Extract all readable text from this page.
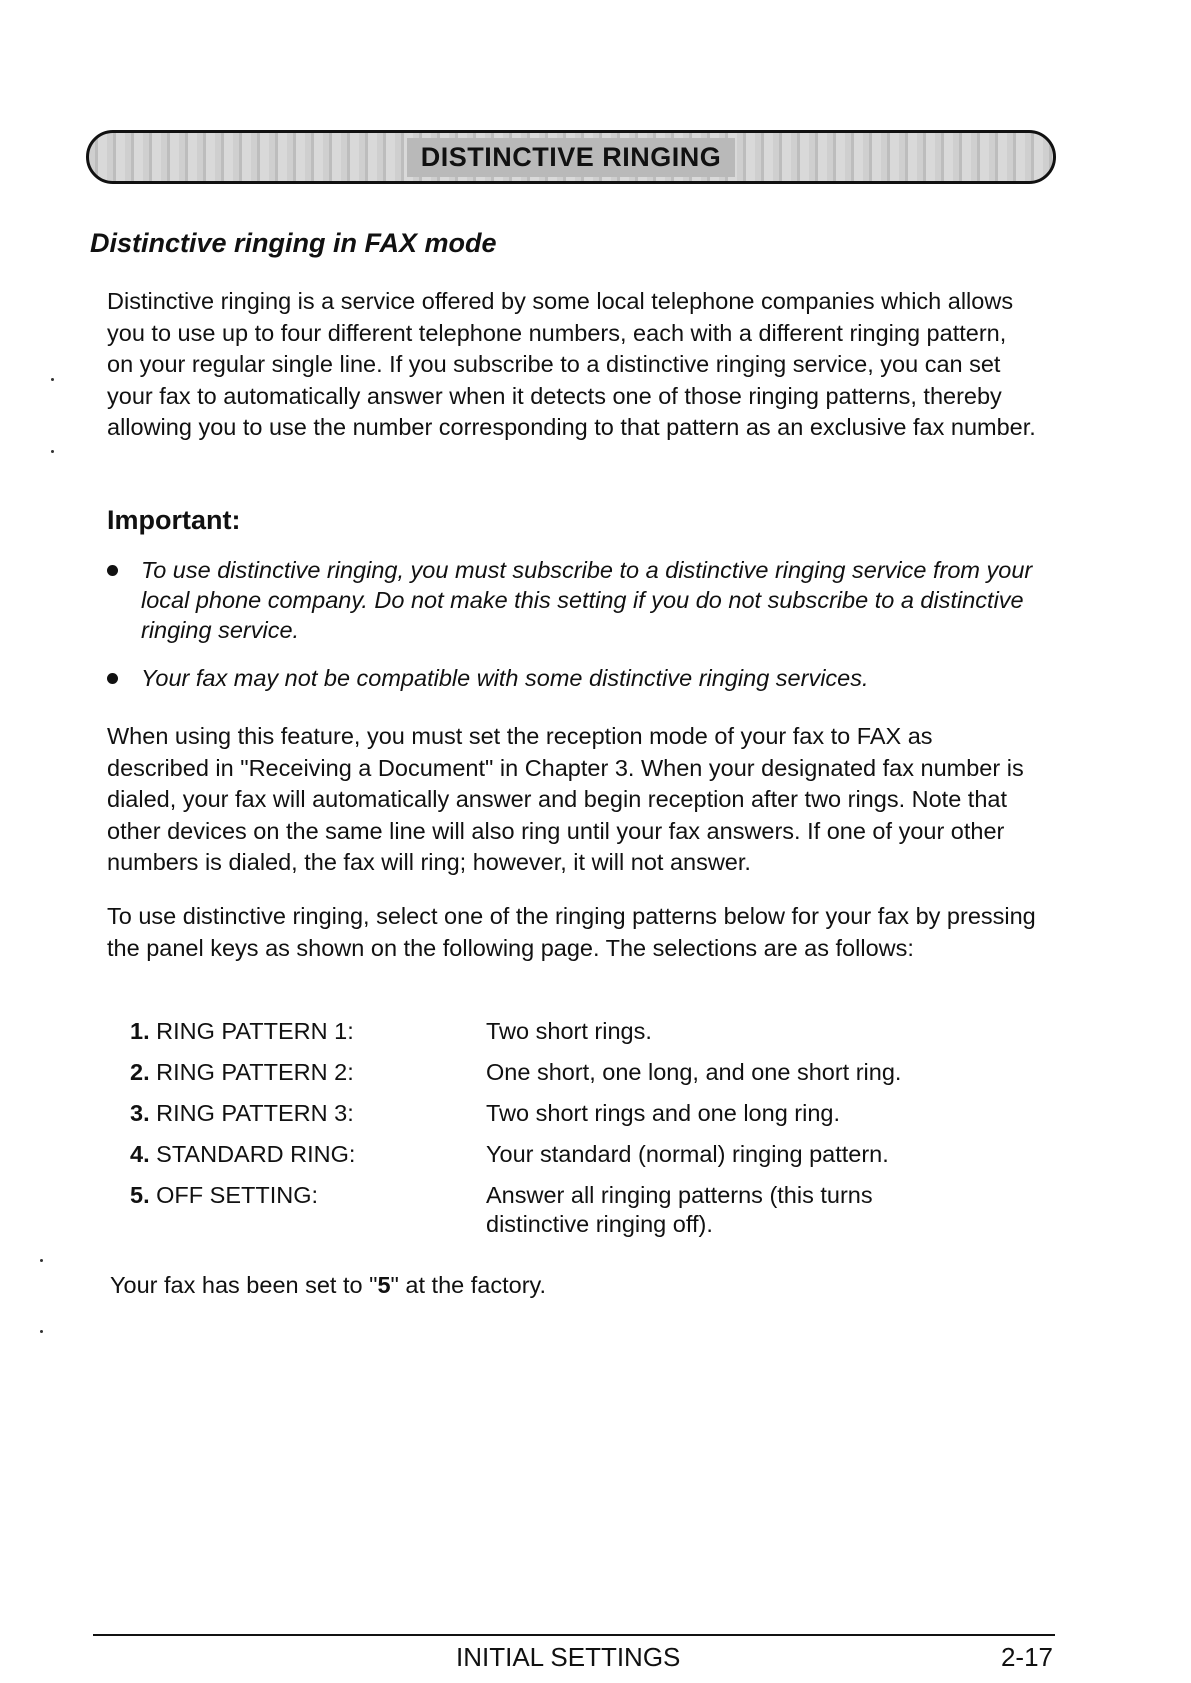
DISTINCTIVE RINGING
Distinctive ringing in FAX mode

Distinctive ringing is a service offered by some local telephone companies which allows you to use up to four different telephone numbers, each with a different ringing pattern, on your regular single line. If you subscribe to a distinctive ringing service, you can set your fax to automatically answer when it detects one of those ringing patterns, thereby allowing you to use the number corresponding to that pattern as an exclusive fax number.

Important:
To use distinctive ringing, you must subscribe to a distinctive ringing service from your local phone company. Do not make this setting if you do not subscribe to a distinctive ringing service.
Your fax may not be compatible with some distinctive ringing services.

When using this feature, you must set the reception mode of your fax to FAX as described in "Receiving a Document" in Chapter 3. When your designated fax number is dialed, your fax will automatically answer and begin reception after two rings. Note that other devices on the same line will also ring until your fax answers. If one of your other numbers is dialed, the fax will ring; however, it will not answer.

To use distinctive ringing, select one of the ringing patterns below for your fax by pressing the panel keys as shown on the following page. The selections are as follows:

1. RING PATTERN 1:	Two short rings.
2. RING PATTERN 2:	One short, one long, and one short ring.
3. RING PATTERN 3:	Two short rings and one long ring.
4. STANDARD RING:	Your standard (normal) ringing pattern.
5. OFF SETTING:	Answer all ringing patterns (this turns distinctive ringing off).

Your fax has been set to "5" at the factory.

INITIAL SETTINGS	2-17
